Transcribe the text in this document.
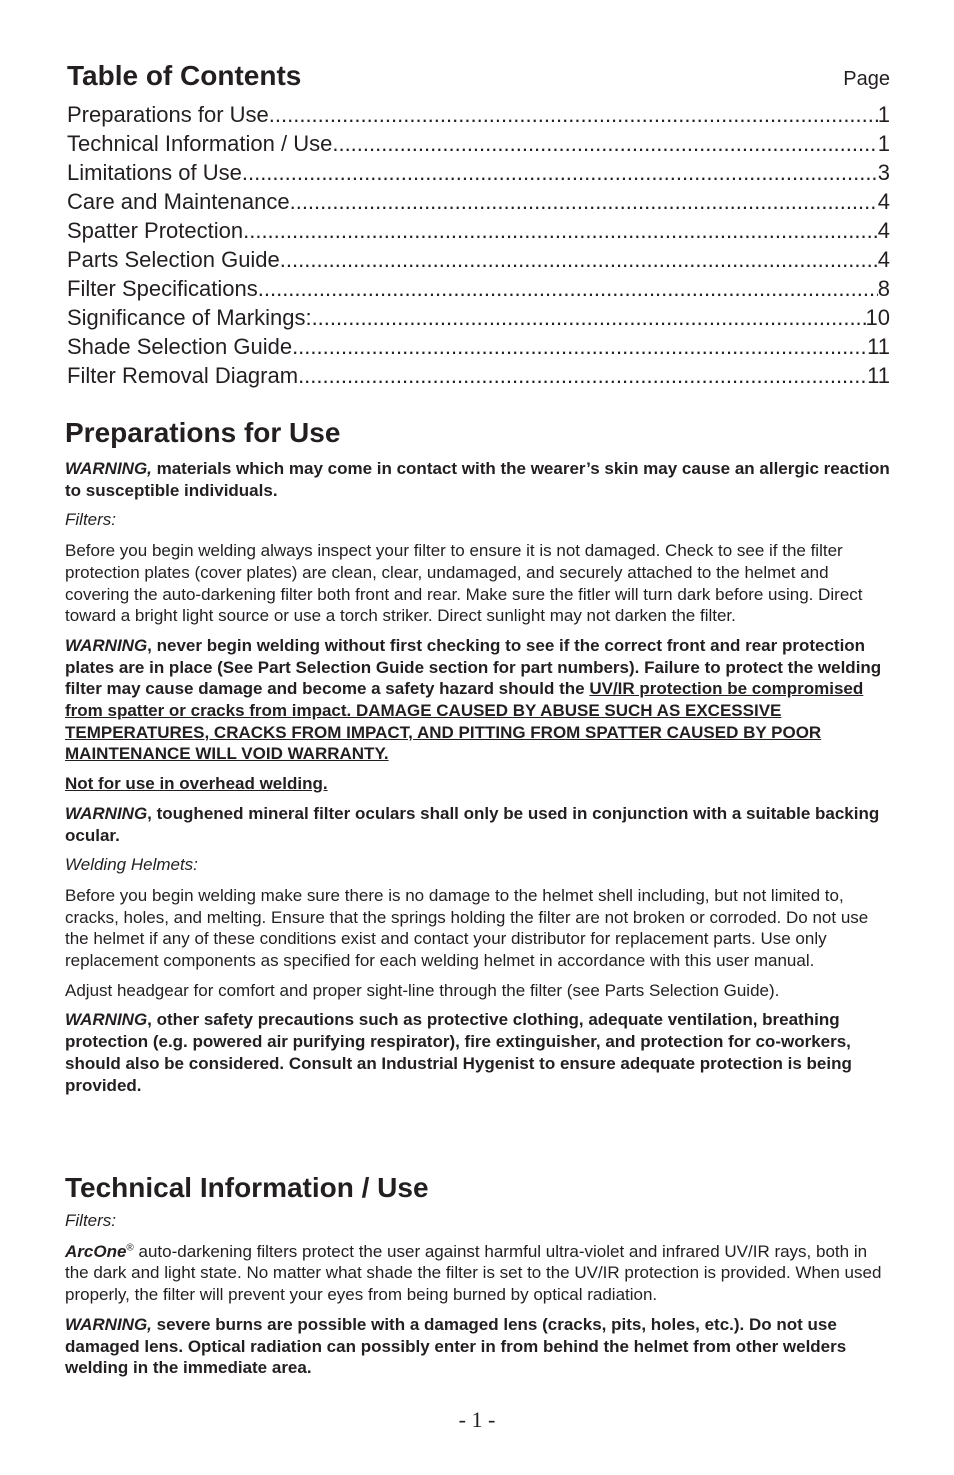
Table of Contents	Page
Preparations for Use .....	1
Technical Information / Use .....	1
Limitations of Use .....	3
Care and Maintenance .....	4
Spatter Protection .....	4
Parts Selection Guide .....	4
Filter Specifications .....	8
Significance of Markings: .....	10
Shade Selection Guide .....	11
Filter Removal Diagram .....	11
Preparations for Use

WARNING, materials which may come in contact with the wearer’s skin may cause an allergic reaction to susceptible individuals.

Filters:

Before you begin welding always inspect your filter to ensure it is not damaged. Check to see if the filter protection plates (cover plates) are clean, clear, undamaged, and securely attached to the helmet and covering the auto-darkening filter both front and rear. Make sure the fitler will turn dark before using. Direct toward a bright light source or use a torch striker. Direct sunlight may not darken the filter.

WARNING, never begin welding without first checking to see if the correct front and rear protection plates are in place (See Part Selection Guide section for part numbers). Failure to protect the welding filter may cause damage and become a safety hazard should the UV/IR protection be compromised from spatter or cracks from impact. DAMAGE CAUSED BY ABUSE SUCH AS EXCESSIVE TEMPERATURES, CRACKS FROM IMPACT, AND PITTING FROM SPATTER CAUSED BY POOR MAINTENANCE WILL VOID WARRANTY.

Not for use in overhead welding.

WARNING, toughened mineral filter oculars shall only be used in conjunction with a suitable backing ocular.

Welding Helmets:

Before you begin welding make sure there is no damage to the helmet shell including, but not limited to, cracks, holes, and melting. Ensure that the springs holding the filter are not broken or corroded. Do not use the helmet if any of these conditions exist and contact your distributor for replacement parts. Use only replacement components as specified for each welding helmet in accordance with this user manual.

Adjust headgear for comfort and proper sight-line through the filter (see Parts Selection Guide).

WARNING, other safety precautions such as protective clothing, adequate ventilation, breathing protection (e.g. powered air purifying respirator), fire extinguisher, and protection for co-workers, should also be considered. Consult an Industrial Hygenist to ensure adequate protection is being provided.

Technical Information / Use

Filters:

ArcOne® auto-darkening filters protect the user against harmful ultra-violet and infrared UV/IR rays, both in the dark and light state. No matter what shade the filter is set to the UV/IR protection is provided. When used properly, the filter will prevent your eyes from being burned by optical radiation.

WARNING, severe burns are possible with a damaged lens (cracks, pits, holes, etc.). Do not use damaged lens. Optical radiation can possibly enter in from behind the helmet from other welders welding in the immediate area.

- 1 -
